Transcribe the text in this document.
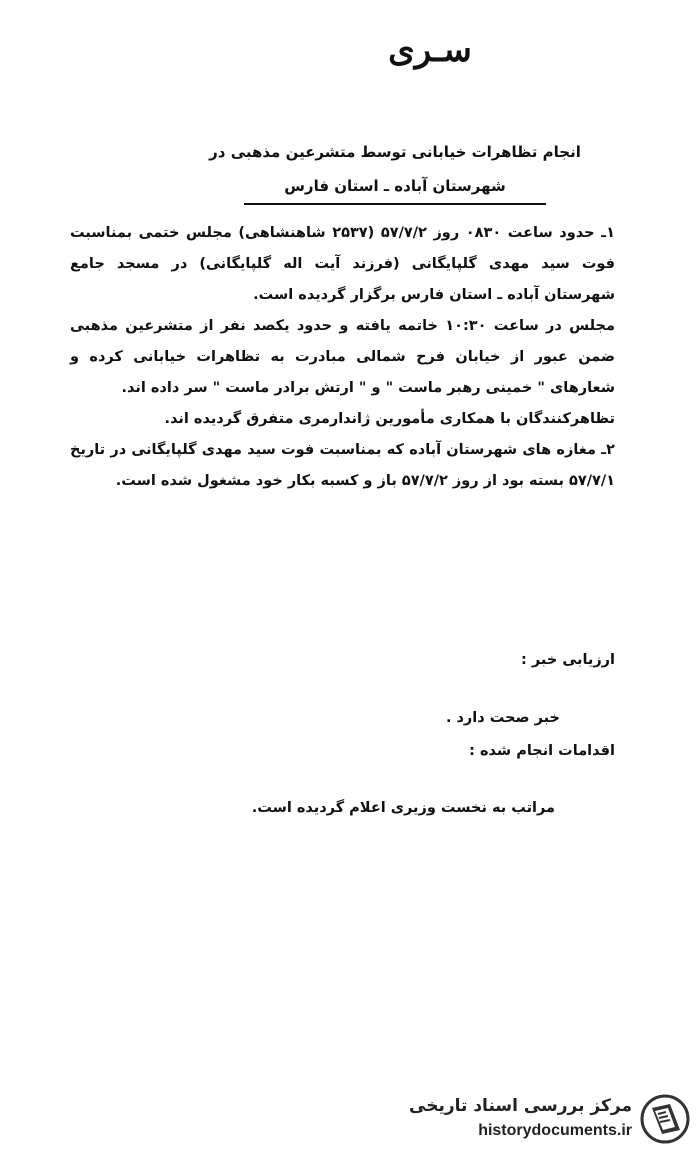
سـری
انجام تظاهرات خیابانی توسط متشرعین مذهبی در
شهرستان آباده ـ استان فارس

۱ـ حدود ساعت ۰۸۳۰ روز ۵۷/۷/۲ (۲۵۳۷ شاهنشاهی) مجلس ختمی بمناسبت فوت سید مهدی گلپایگانی (فرزند آیت اله گلپایگانی) در مسجد جامع شهرستان آباده ـ استان فارس برگزار گردیده است.

مجلس در ساعت ۱۰:۳۰ خاتمه یافته و حدود یکصد نفر از متشرعین مذهبی ضمن عبور از خیابان فرح شمالی مبادرت به تظاهرات خیابانی کرده و شعارهای " خمینی رهبر ماست " و " ارتش برادر ماست " سر داده اند.

تظاهرکنندگان با همکاری مأمورین ژاندارمری متفرق گردیده اند.

۲ـ مغازه های شهرستان آباده که بمناسبت فوت سید مهدی گلپایگانی در تاریخ ۵۷/۷/۱ بسته بود از روز ۵۷/۷/۲ باز و کسبه بکار خود مشغول شده است.

ارزیابی خبر :
خبر صحت دارد .
اقدامات انجام شده :
مراتب به نخست وزیری اعلام گردیده است.
مرکز بررسی اسناد تاریخی
historydocuments.ir
